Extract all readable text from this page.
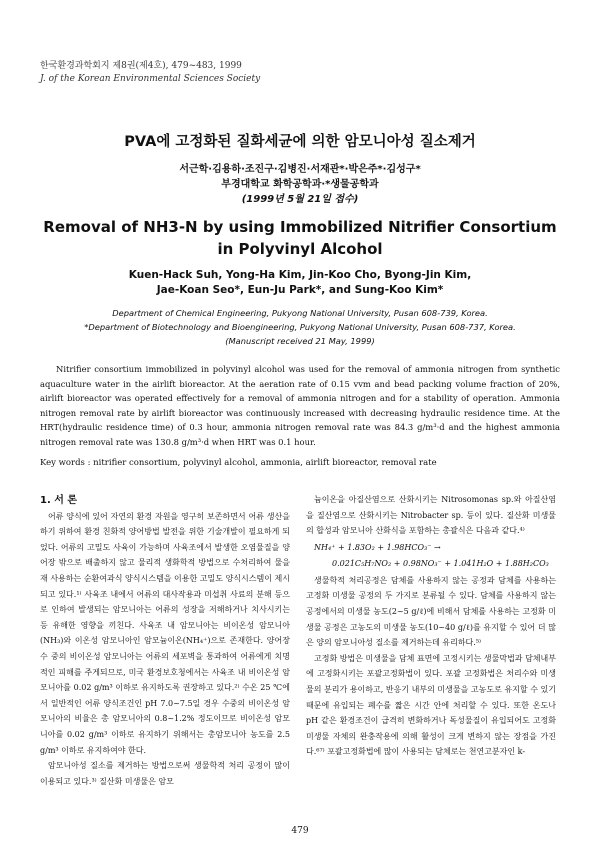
한국환경과학회지 제8권(제4호), 479~483, 1999
J. of the Korean Environmental Sciences Society
PVA에 고정화된 질화세균에 의한 암모니아성 질소제거
서근학·김용하·조진구·김병진·서재관*·박은주*·김성구*
부경대학교 화학공학과·*생물공학과
(1999년 5월 21일 접수)
Removal of NH3-N by using Immobilized Nitrifier Consortium
in Polyvinyl Alcohol
Kuen-Hack Suh, Yong-Ha Kim, Jin-Koo Cho, Byong-Jin Kim,
Jae-Koan Seo*, Eun-Ju Park*, and Sung-Koo Kim*
Department of Chemical Engineering, Pukyong National University, Pusan 608-739, Korea.
*Department of Biotechnology and Bioengineering, Pukyong National University, Pusan 608-737, Korea.
(Manuscript received 21 May, 1999)

Nitrifier consortium immobilized in polyvinyl alcohol was used for the removal of ammonia nitrogen from synthetic aquaculture water in the airlift bioreactor. At the aeration rate of 0.15 vvm and bead packing volume fraction of 20%, airlift bioreactor was operated effectively for a removal of ammonia nitrogen and for a stability of operation. Ammonia nitrogen removal rate by airlift bioreactor was continuously increased with decreasing hydraulic residence time. At the HRT(hydraulic residence time) of 0.3 hour, ammonia nitrogen removal rate was 84.3 g/m³·d and the highest ammonia nitrogen removal rate was 130.8 g/m³·d when HRT was 0.1 hour.

Key words : nitrifier consortium, polyvinyl alcohol, ammonia, airlift bioreactor, removal rate

1. 서 론

어류 양식에 있어 자연의 환경 자원을 영구히 보존하면서 어류 생산을 하기 위하여 환경 친화적 양어방법 발전을 위한 기술개발이 필요하게 되었다. 어류의 고밀도 사육이 가능하며 사육조에서 발생한 오염물질을 양어장 밖으로 배출하지 않고 물리적 생화학적 방법으로 수처리하여 물을 재 사용하는 순환여과식 양식시스템을 이용한 고밀도 양식시스템이 제시되고 있다.¹⁾ 사육조 내에서 어류의 대사작용과 미섭취 사료의 분해 등으로 인하여 발생되는 암모니아는 어류의 성장을 저해하거나 치사시키는 등 유해한 영향을 끼친다. 사육조 내 암모니아는 비이온성 암모니아(NH₃)와 이온성 암모니아인 암모늄이온(NH₄⁺)으로 존재한다. 양어장 수 중의 비이온성 암모니아는 어류의 세포벽을 통과하여 어류에게 치명적인 피해를 주게되므로, 미국 환경보호청에서는 사육조 내 비이온성 암모니아를 0.02 g/m³ 이하로 유지하도록 권장하고 있다.²⁾ 수온 25 ℃에서 일반적인 어류 양식조건인 pH 7.0~7.5일 경우 수중의 비이온성 암모니아의 비율은 총 암모니아의 0.8~1.2% 정도이므로 비이온성 암모니아를 0.02 g/m³ 이하로 유지하기 위해서는 총암모니아 농도를 2.5 g/m³ 이하로 유지하여야 한다.

암모니아성 질소를 제거하는 방법으로써 생물학적 처리 공정이 많이 이용되고 있다.³⁾ 질산화 미생물은 암모

늄이온을 아질산염으로 산화시키는 Nitrosomonas sp.와 아질산염을 질산염으로 산화시키는 Nitrobacter sp. 등이 있다. 질산화 미생물의 합성과 암모니아 산화식을 포함하는 총괄식은 다음과 같다.⁴⁾

NH₄⁺ + 1.83O₂ + 1.98HCO₃⁻ →
0.021C₅H₇NO₂ + 0.98NO₃⁻ + 1.041H₂O + 1.88H₂CO₃

생물학적 처리공정은 담체를 사용하지 않는 공정과 담체를 사용하는 고정화 미생물 공정의 두 가지로 분류될 수 있다. 담체를 사용하지 않는 공정에서의 미생물 농도(2~5 g/ℓ)에 비해서 담체를 사용하는 고정화 미생물 공정은 고농도의 미생물 농도(10~40 g/ℓ)를 유지할 수 있어 더 많은 양의 암모니아성 질소를 제거하는데 유리하다.⁵⁾

고정화 방법은 미생물을 담체 표면에 고정시키는 생물막법과 담체내부에 고정화시키는 포괄고정화법이 있다. 포괄 고정화법은 처리수와 미생물의 분리가 용이하고, 반응기 내부의 미생물을 고농도로 유지할 수 있기 때문에 유입되는 폐수를 짧은 시간 안에 처리할 수 있다. 또한 온도나 pH 같은 환경조건이 급격히 변화하거나 독성물질이 유입되어도 고정화 미생물 자체의 완충작용에 의해 활성이 크게 변하지 않는 장점을 가진다.⁶⁷⁾ 포괄고정화법에 많이 사용되는 담체로는 천연고분자인 k-

479
